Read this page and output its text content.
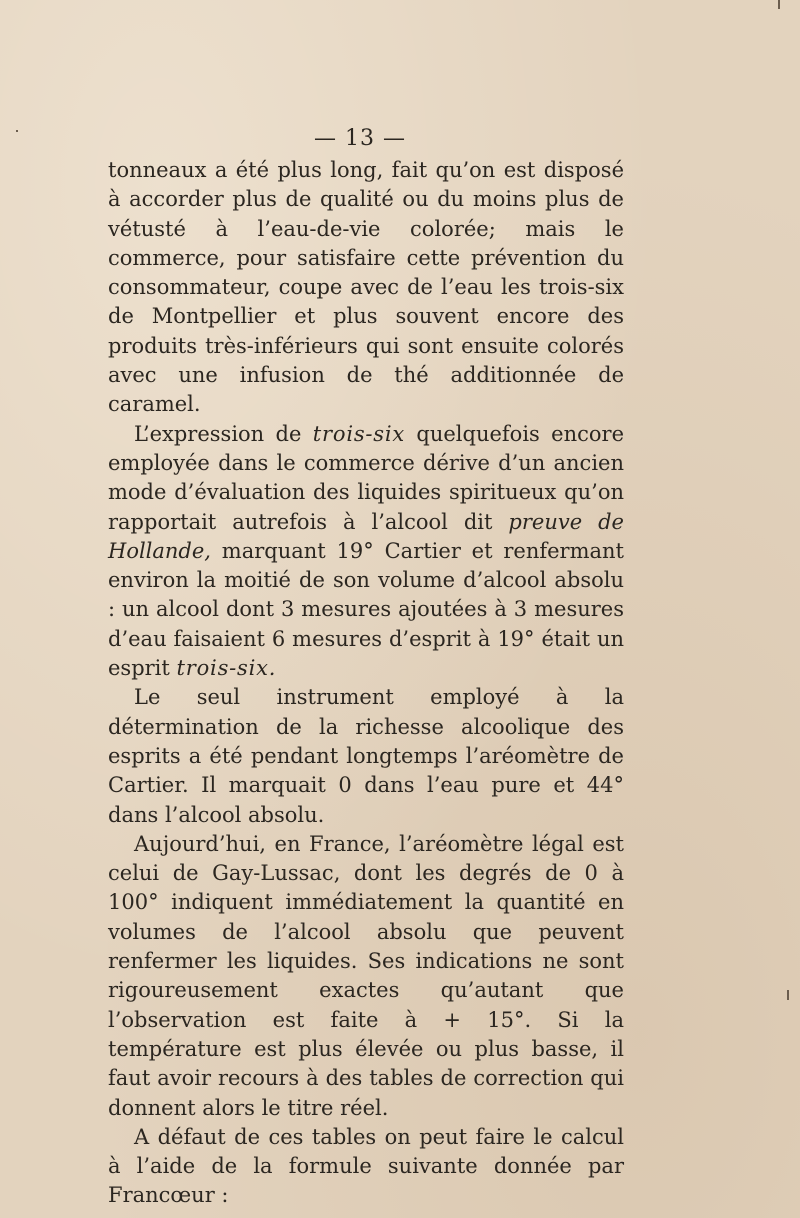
— 13 —

tonneaux a été plus long, fait qu’on est disposé à accorder plus de qualité ou du moins plus de vétusté à l’eau-de-vie colorée; mais le commerce, pour satisfaire cette prévention du consommateur, coupe avec de l’eau les trois-six de Montpellier et plus souvent encore des produits très-inférieurs qui sont ensuite colorés avec une infusion de thé additionnée de caramel.

L’expression de trois-six quelquefois encore employée dans le commerce dérive d’un ancien mode d’évaluation des liquides spiritueux qu’on rapportait autrefois à l’alcool dit preuve de Hollande, marquant 19° Cartier et renfermant environ la moitié de son volume d’alcool absolu : un alcool dont 3 mesures ajoutées à 3 mesures d’eau faisaient 6 mesures d’esprit à 19° était un esprit trois-six.

Le seul instrument employé à la détermination de la richesse alcoolique des esprits a été pendant longtemps l’aréomètre de Cartier. Il marquait 0 dans l’eau pure et 44° dans l’alcool absolu.

Aujourd’hui, en France, l’aréomètre légal est celui de Gay-Lussac, dont les degrés de 0 à 100° indiquent immédiatement la quantité en volumes de l’alcool absolu que peuvent renfermer les liquides. Ses indications ne sont rigoureusement exactes qu’autant que l’observation est faite à + 15°. Si la température est plus élevée ou plus basse, il faut avoir recours à des tables de correction qui donnent alors le titre réel.

A défaut de ces tables on peut faire le calcul à l’aide de la formule suivante donnée par Francœur :
